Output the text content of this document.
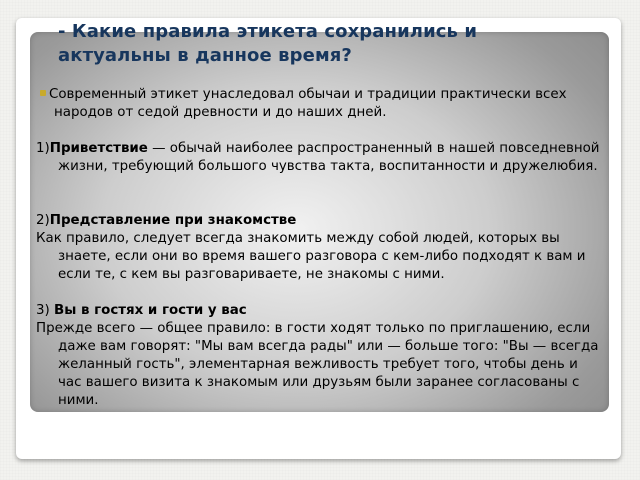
- Какие правила этикета сохранились и актуальны в данное время?

Современный этикет унаследовал обычаи и традиции практически всех народов от седой древности и до наших дней.

1)Приветствие — обычай наиболее распространенный в нашей повседневной жизни, требующий большого чувства такта, воспитанности и дружелюбия.

2)Представление при знакомстве

Как правило, следует всегда знакомить между собой людей, которых вы знаете, если они во время вашего разговора с кем-либо подходят к вам и если те, с кем вы разговариваете, не знакомы с ними.

3) Вы в гостях и гости у вас

Прежде всего — общее правило: в гости ходят только по приглашению, если даже вам говорят: "Мы вам всегда рады" или — больше того: "Вы — всегда желанный гость", элементарная вежливость требует того, чтобы день и час вашего визита к знакомым или друзьям были заранее согласованы с ними.
